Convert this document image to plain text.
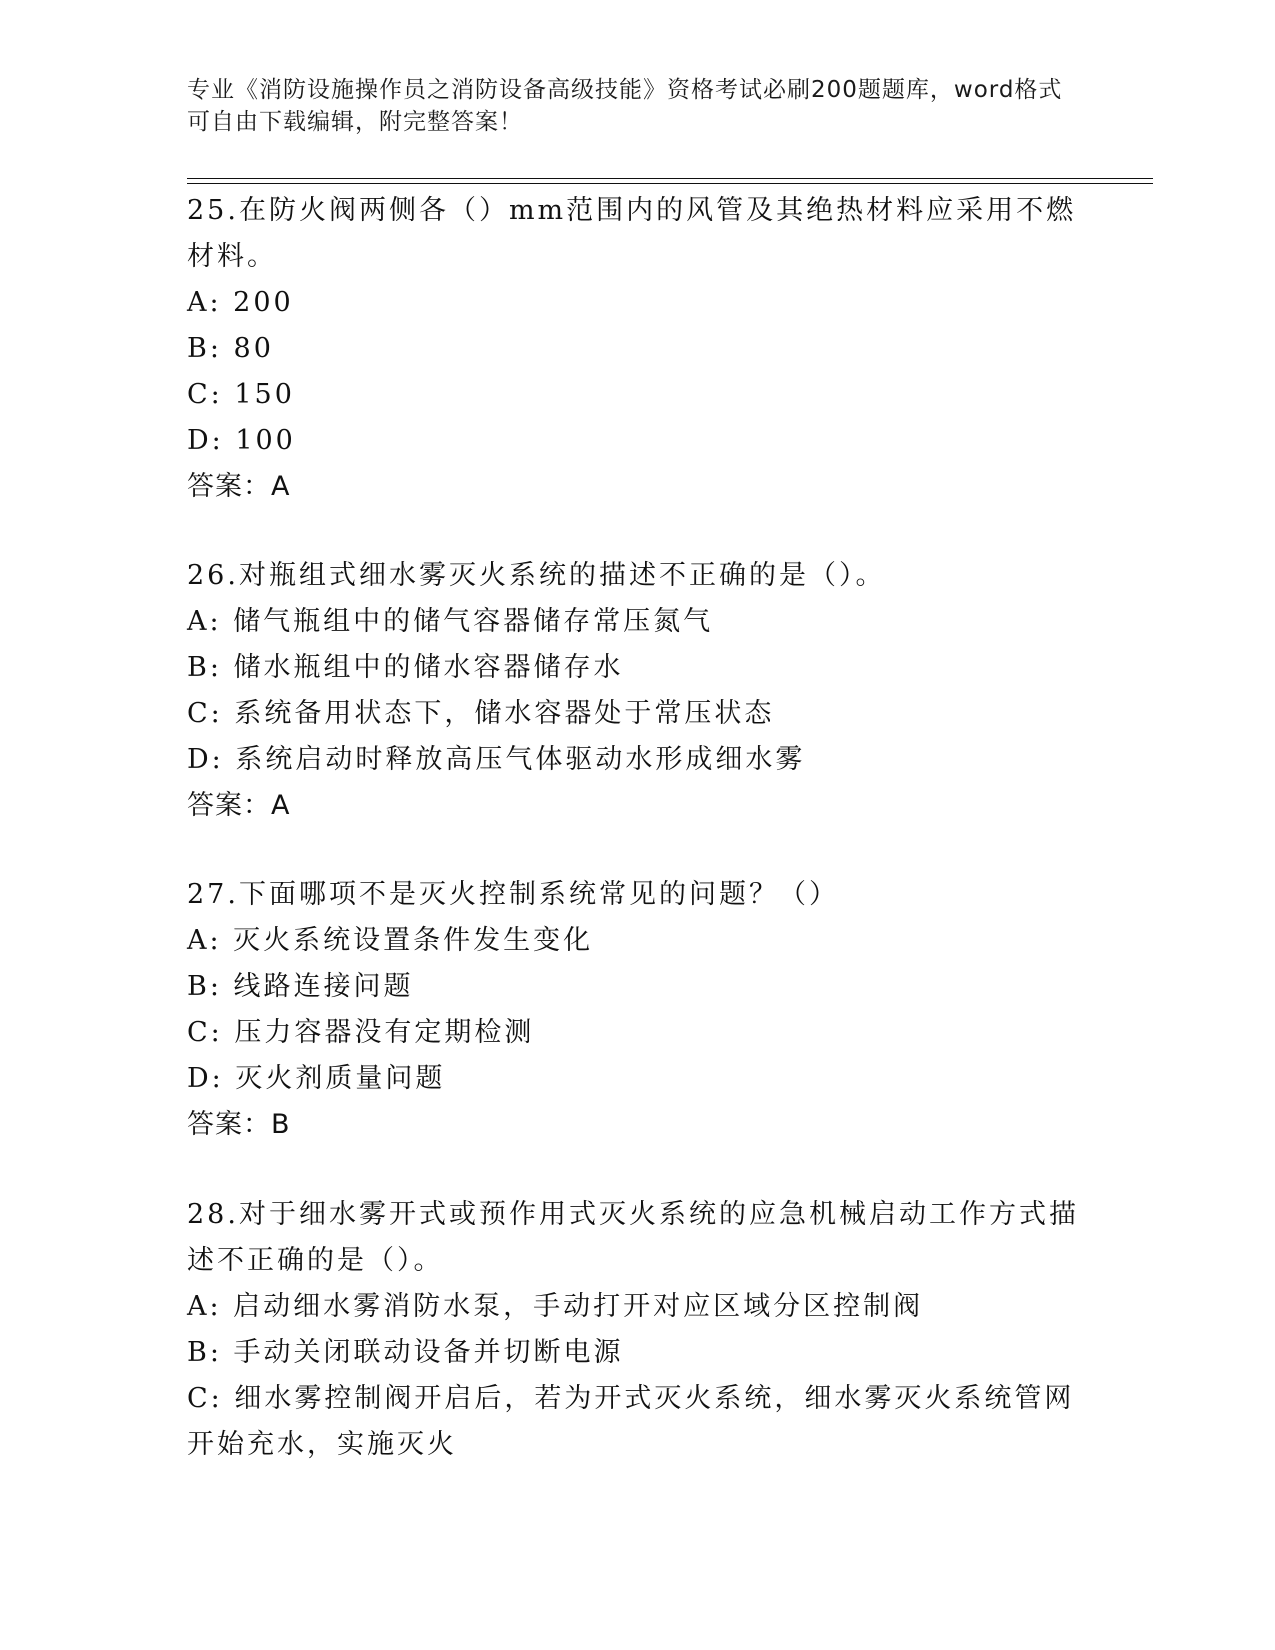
专业《消防设施操作员之消防设备高级技能》资格考试必刷200题题库，word格式可自由下载编辑，附完整答案！

25.在防火阀两侧各（）mm范围内的风管及其绝热材料应采用不燃材料。

A: 200

B: 80

C: 150

D: 100

答案：A

26.对瓶组式细水雾灭火系统的描述不正确的是（）。

A: 储气瓶组中的储气容器储存常压氮气

B: 储水瓶组中的储水容器储存水

C: 系统备用状态下，储水容器处于常压状态

D: 系统启动时释放高压气体驱动水形成细水雾

答案：A

27.下面哪项不是灭火控制系统常见的问题？（）

A: 灭火系统设置条件发生变化

B: 线路连接问题

C: 压力容器没有定期检测

D: 灭火剂质量问题

答案：B

28.对于细水雾开式或预作用式灭火系统的应急机械启动工作方式描述不正确的是（）。

A: 启动细水雾消防水泵，手动打开对应区域分区控制阀

B: 手动关闭联动设备并切断电源

C: 细水雾控制阀开启后，若为开式灭火系统，细水雾灭火系统管网开始充水，实施灭火
